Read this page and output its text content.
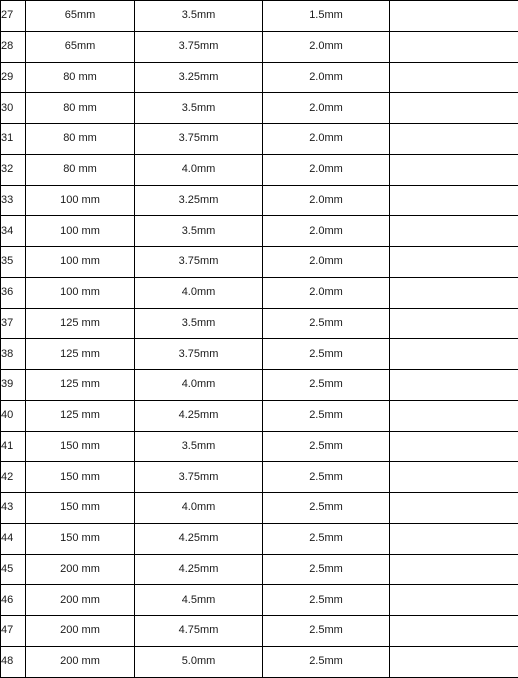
27	65mm	3.5mm	1.5mm	
28	65mm	3.75mm	2.0mm	
29	80 mm	3.25mm	2.0mm	
30	80 mm	3.5mm	2.0mm	
31	80 mm	3.75mm	2.0mm	
32	80 mm	4.0mm	2.0mm	
33	100 mm	3.25mm	2.0mm	
34	100 mm	3.5mm	2.0mm	
35	100 mm	3.75mm	2.0mm	
36	100 mm	4.0mm	2.0mm	
37	125 mm	3.5mm	2.5mm	
38	125 mm	3.75mm	2.5mm	
39	125 mm	4.0mm	2.5mm	
40	125 mm	4.25mm	2.5mm	
41	150 mm	3.5mm	2.5mm	
42	150 mm	3.75mm	2.5mm	
43	150 mm	4.0mm	2.5mm	
44	150 mm	4.25mm	2.5mm	
45	200 mm	4.25mm	2.5mm	
46	200 mm	4.5mm	2.5mm	
47	200 mm	4.75mm	2.5mm	
48	200 mm	5.0mm	2.5mm	
